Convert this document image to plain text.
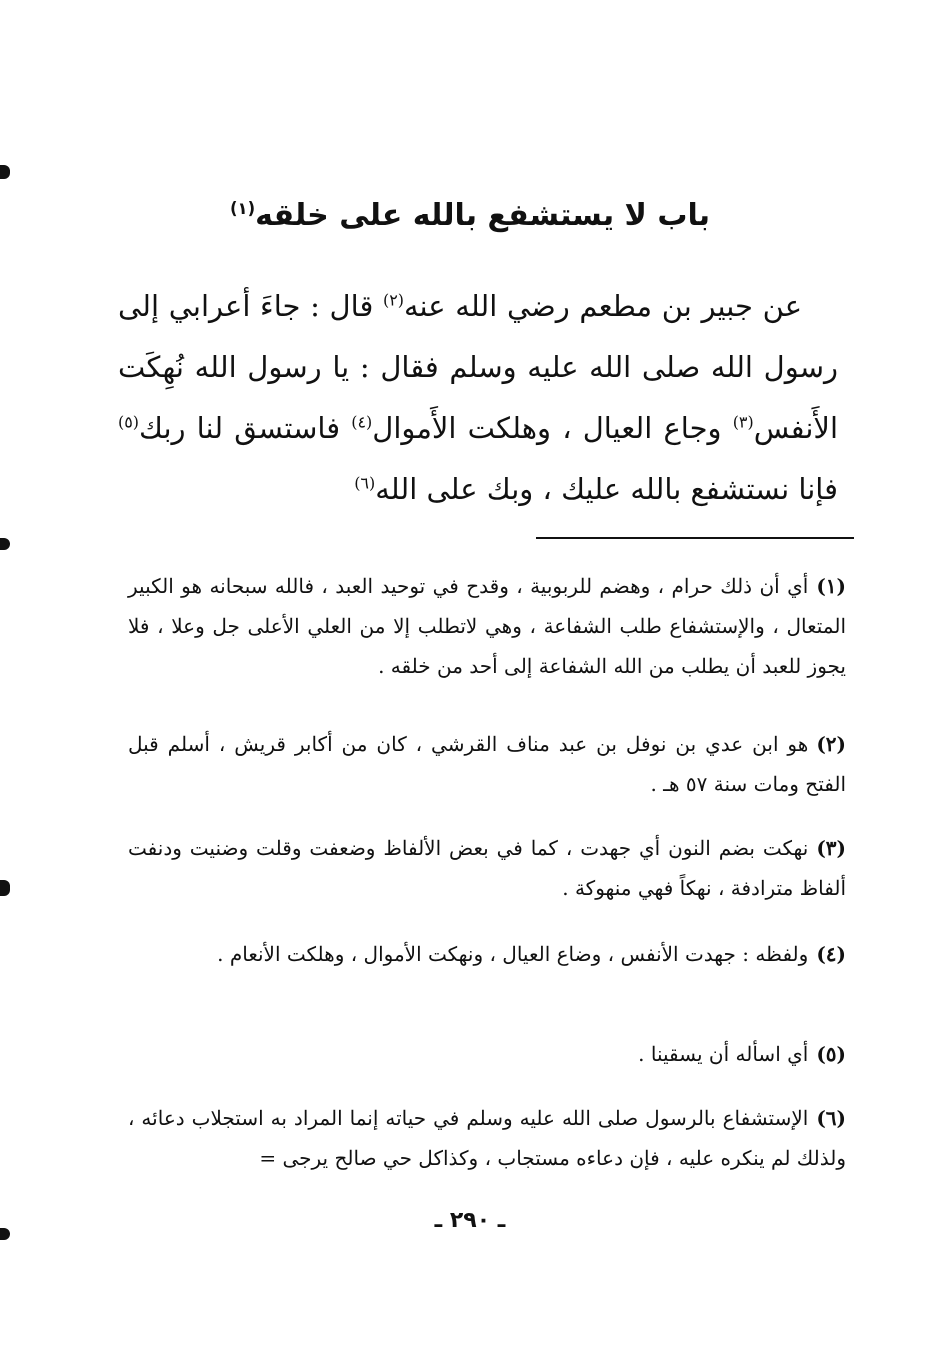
باب لا يستشفع بالله على خلقه$^{(١)}$
عن جبير بن مطعم رضي الله عنه$^{(٢)}$ قال : جاءَ أعرابي إلى رسول الله صلى الله عليه وسلم فقال : يا رسول الله نُهِكَت الأَنفس$^{(٣)}$ وجاع العيال ، وهلكت الأَموال$^{(٤)}$ فاستسق لنا ربك$^{(٥)}$ فإنا نستشفع بالله عليك ، وبك على الله$^{(٦)}$
(١)أي أن ذلك حرام ، وهضم للربوبية ، وقدح في توحيد العبد ، فالله سبحانه هو الكبير المتعال ، والإستشفاع طلب الشفاعة ، وهي لاتطلب إلا من العلي الأعلى جل وعلا ، فلا يجوز للعبد أن يطلب من الله الشفاعة إلى أحد من خلقه .
(٢)هو ابن عدي بن نوفل بن عبد مناف القرشي ، كان من أكابر قريش ، أسلم قبل الفتح ومات سنة ٥٧ هـ .
(٣)نهكت بضم النون أي جهدت ، كما في بعض الألفاظ وضعفت وقلت وضنيت ودنفت ألفاظ مترادفة ، نهكاً فهي منهوكة .
(٤)ولفظه : جهدت الأنفس ، وضاع العيال ، ونهكت الأموال ، وهلكت الأنعام .
(٥)أي اسأله أن يسقينا .
(٦)الإستشفاع بالرسول صلى الله عليه وسلم في حياته إنما المراد به استجلاب دعائه ، ولذلك لم ينكره عليه ، فإن دعاءه مستجاب ، وكذاكل حي صالح يرجى =
ـ ٢٩٠ ـ
